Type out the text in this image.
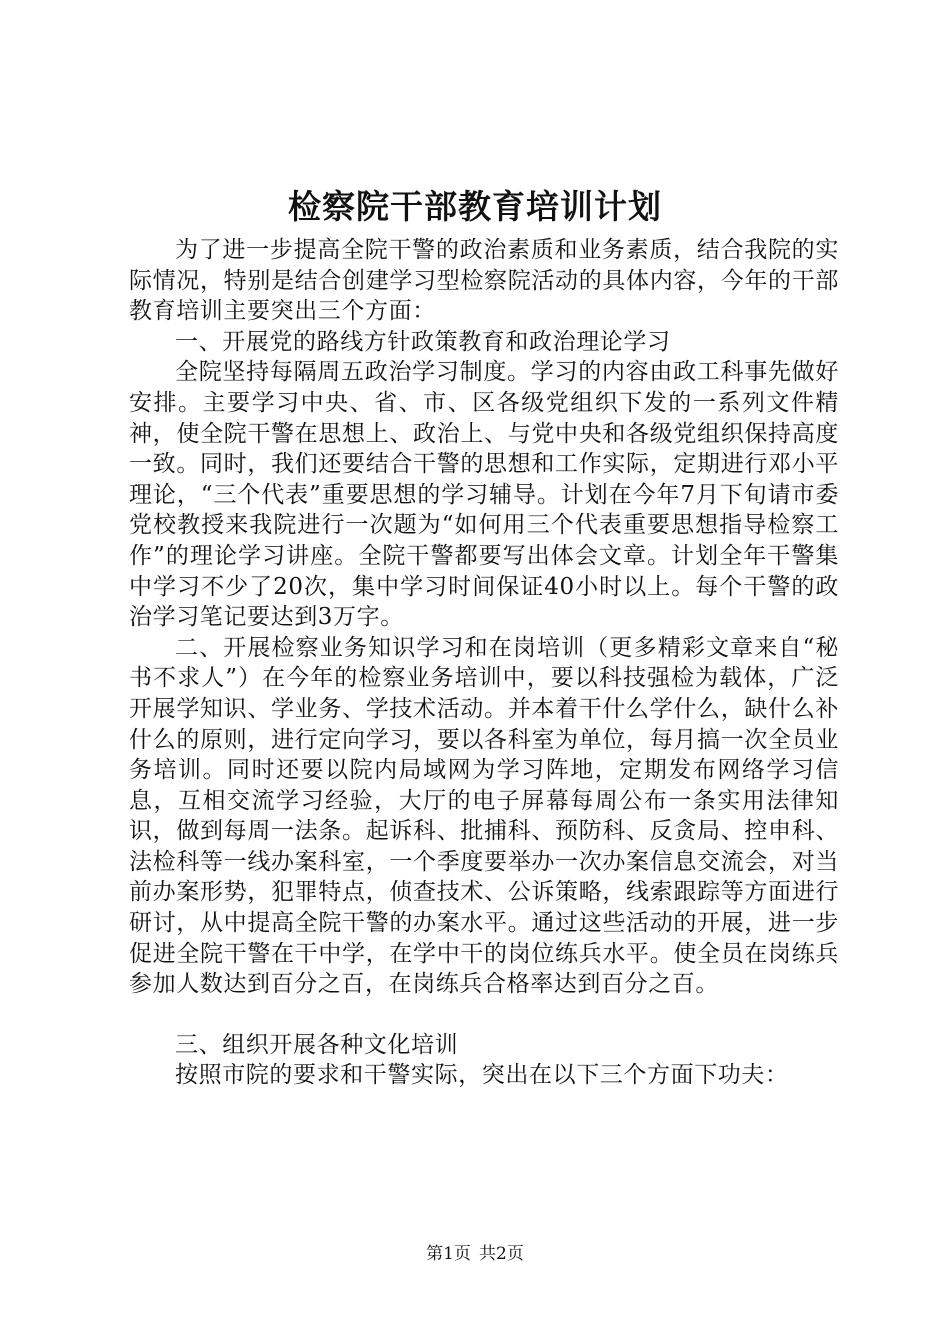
检察院干部教育培训计划

为了进一步提高全院干警的政治素质和业务素质，结合我院的实际情况，特别是结合创建学习型检察院活动的具体内容，今年的干部教育培训主要突出三个方面：

一、开展党的路线方针政策教育和政治理论学习

全院坚持每隔周五政治学习制度。学习的内容由政工科事先做好安排。主要学习中央、省、市、区各级党组织下发的一系列文件精神，使全院干警在思想上、政治上、与党中央和各级党组织保持高度一致。同时，我们还要结合干警的思想和工作实际，定期进行邓小平理论，“三个代表”重要思想的学习辅导。计划在今年7月下旬请市委党校教授来我院进行一次题为“如何用三个代表重要思想指导检察工作”的理论学习讲座。全院干警都要写出体会文章。计划全年干警集中学习不少了20次，集中学习时间保证40小时以上。每个干警的政治学习笔记要达到3万字。

二、开展检察业务知识学习和在岗培训（更多精彩文章来自“秘书不求人”）在今年的检察业务培训中，要以科技强检为载体，广泛开展学知识、学业务、学技术活动。并本着干什么学什么，缺什么补什么的原则，进行定向学习，要以各科室为单位，每月搞一次全员业务培训。同时还要以院内局域网为学习阵地，定期发布网络学习信息，互相交流学习经验，大厅的电子屏幕每周公布一条实用法律知识，做到每周一法条。起诉科、批捕科、预防科、反贪局、控申科、法检科等一线办案科室，一个季度要举办一次办案信息交流会，对当前办案形势，犯罪特点，侦查技术、公诉策略，线索跟踪等方面进行研讨，从中提高全院干警的办案水平。通过这些活动的开展，进一步促进全院干警在干中学，在学中干的岗位练兵水平。使全员在岗练兵参加人数达到百分之百，在岗练兵合格率达到百分之百。

三、组织开展各种文化培训

按照市院的要求和干警实际，突出在以下三个方面下功夫：

第1页 共2页
